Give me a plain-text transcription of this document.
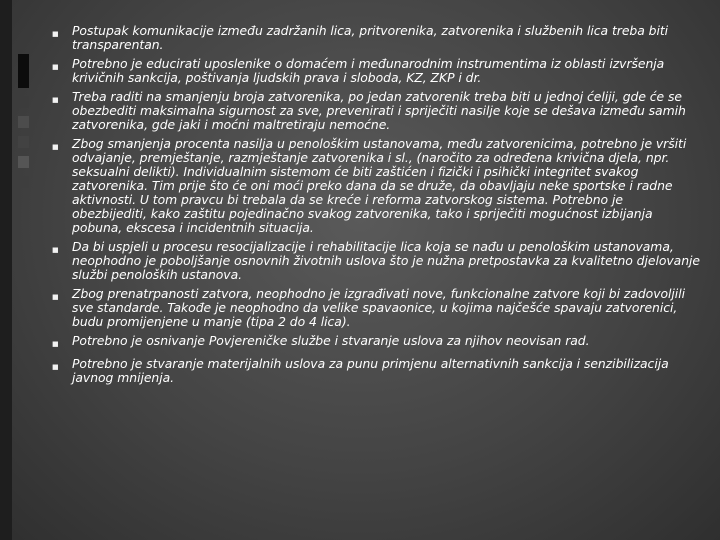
■	Postupak komunikacije između zadržanih lica, pritvorenika, zatvorenika i službenih lica treba biti transparentan.
■	Potrebno je educirati uposlenike o domaćem i međunarodnim instrumentima iz oblasti izvršenja krivičnih sankcija, poštivanja ljudskih prava i sloboda, KZ, ZKP i dr.
■	Treba raditi na smanjenju broja zatvorenika, po jedan zatvorenik treba biti u jednoj ćeliji, gde će se obezbediti maksimalna sigurnost za sve, prevenirati i spriječiti nasilje koje se dešava između samih zatvorenika, gde jaki i moćni maltretiraju nemoćne.
■	Zbog smanjenja procenta nasilja u penološkim ustanovama, među zatvorenicima, potrebno je vršiti odvajanje, premještanje, razmještanje zatvorenika i sl., (naročito za određena krivična djela, npr. seksualni delikti). Individualnim sistemom će biti zaštićen i fizički i psihički integritet svakog zatvorenika. Tim prije što će oni moći preko dana da se druže, da obavljaju neke sportske i radne aktivnosti. U tom pravcu bi trebala da se kreće i reforma zatvorskog sistema. Potrebno je obezbijediti, kako zaštitu pojedinačno svakog zatvorenika, tako i spriječiti mogućnost izbijanja pobuna, ekscesa i incidentnih situacija.
■	Da bi uspjeli u procesu resocijalizacije i rehabilitacije lica koja se nađu u penološkim ustanovama, neophodno je poboljšanje osnovnih životnih uslova što je nužna pretpostavka za kvalitetno djelovanje službi penoloških ustanova.
■	Zbog prenatrpanosti zatvora, neophodno je izgrađivati nove, funkcionalne zatvore koji bi zadovoljili sve standarde. Takođe je neophodno da velike spavaonice, u kojima najčešće spavaju zatvorenici, budu promijenjene u manje (tipa 2 do 4 lica).
■	Potrebno je osnivanje Povjereničke službe i stvaranje uslova za njihov neovisan rad.
■	Potrebno je stvaranje materijalnih uslova za punu primjenu alternativnih sankcija i senzibilizacija javnog mnijenja.
